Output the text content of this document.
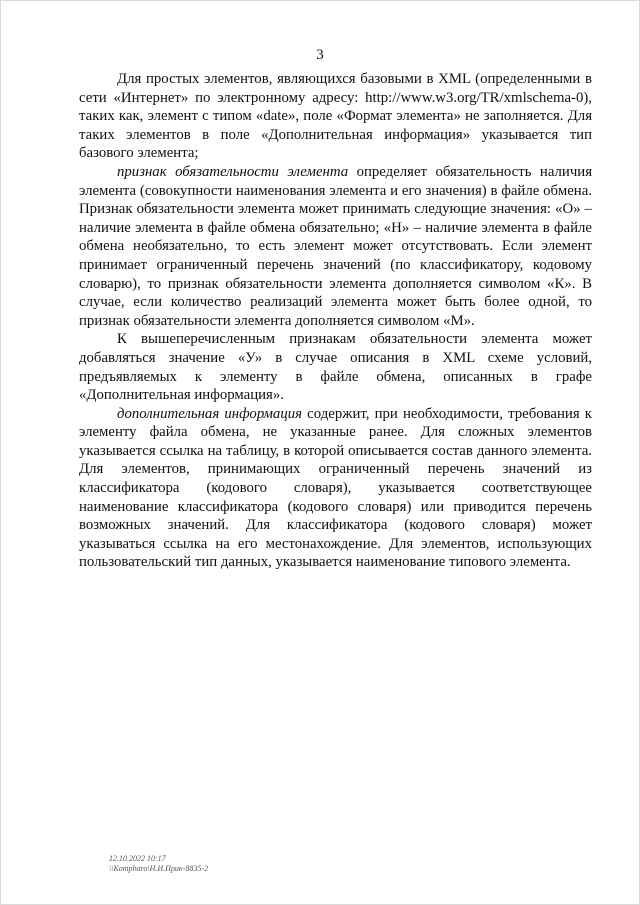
3

Для простых элементов, являющихся базовыми в XML (определенными в сети «Интернет» по электронному адресу: http://www.w3.org/TR/xmlschema-0), таких как, элемент с типом «date», поле «Формат элемента» не заполняется. Для таких элементов в поле «Дополнительная информация» указывается тип базового элемента;

признак обязательности элемента определяет обязательность наличия элемента (совокупности наименования элемента и его значения) в файле обмена. Признак обязательности элемента может принимать следующие значения: «О» – наличие элемента в файле обмена обязательно; «Н» – наличие элемента в файле обмена необязательно, то есть элемент может отсутствовать. Если элемент принимает ограниченный перечень значений (по классификатору, кодовому словарю), то признак обязательности элемента дополняется символом «К». В случае, если количество реализаций элемента может быть более одной, то признак обязательности элемента дополняется символом «М».

К вышеперечисленным признакам обязательности элемента может добавляться значение «У» в случае описания в XML схеме условий, предъявляемых к элементу в файле обмена, описанных в графе «Дополнительная информация».

дополнительная информация содержит, при необходимости, требования к элементу файла обмена, не указанные ранее. Для сложных элементов указывается ссылка на таблицу, в которой описывается состав данного элемента. Для элементов, принимающих ограниченный перечень значений из классификатора (кодового словаря), указывается соответствующее наименование классификатора (кодового словаря) или приводится перечень возможных значений. Для классификатора (кодового словаря) может указываться ссылка на его местонахождение. Для элементов, использующих пользовательский тип данных, указывается наименование типового элемента.

12.10.2022 10:17
\\Kompbaro\Н.И.Прик-8835-2
